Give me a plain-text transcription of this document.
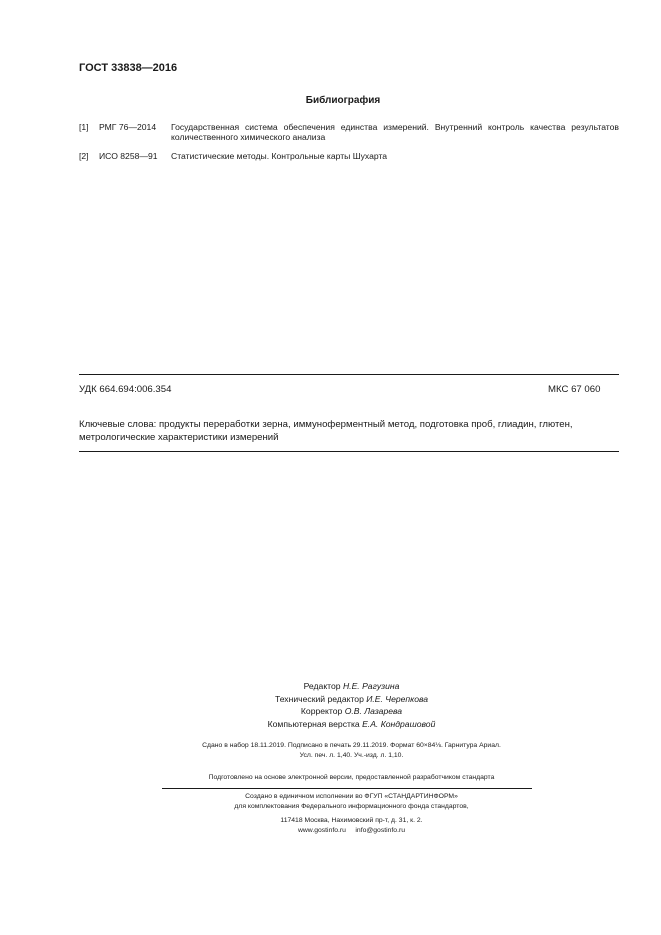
ГОСТ 33838—2016
Библиография
[1] РМГ 76—2014 Государственная система обеспечения единства измерений. Внутренний контроль качества результатов количественного химического анализа
[2] ИСО 8258—91 Статистические методы. Контрольные карты Шухарта
УДК 664.694:006.354	МКС 67 060
Ключевые слова: продукты переработки зерна, иммуноферментный метод, подготовка проб, глиадин, глютен, метрологические характеристики измерений
Редактор Н.Е. Рагузина
Технический редактор И.Е. Черепкова
Корректор О.В. Лазарева
Компьютерная верстка Е.А. Кондрашовой
Сдано в набор 18.11.2019. Подписано в печать 29.11.2019. Формат 60×84⅛. Гарнитура Ариал.
Усл. печ. л. 1,40. Уч.-изд. л. 1,10.
Подготовлено на основе электронной версии, предоставленной разработчиком стандарта
Создано в единичном исполнении во ФГУП «СТАНДАРТИНФОРМ»
для комплектования Федерального информационного фонда стандартов,
117418 Москва, Нахимовский пр-т, д. 31, к. 2.
www.gostinfo.ru info@gostinfo.ru
